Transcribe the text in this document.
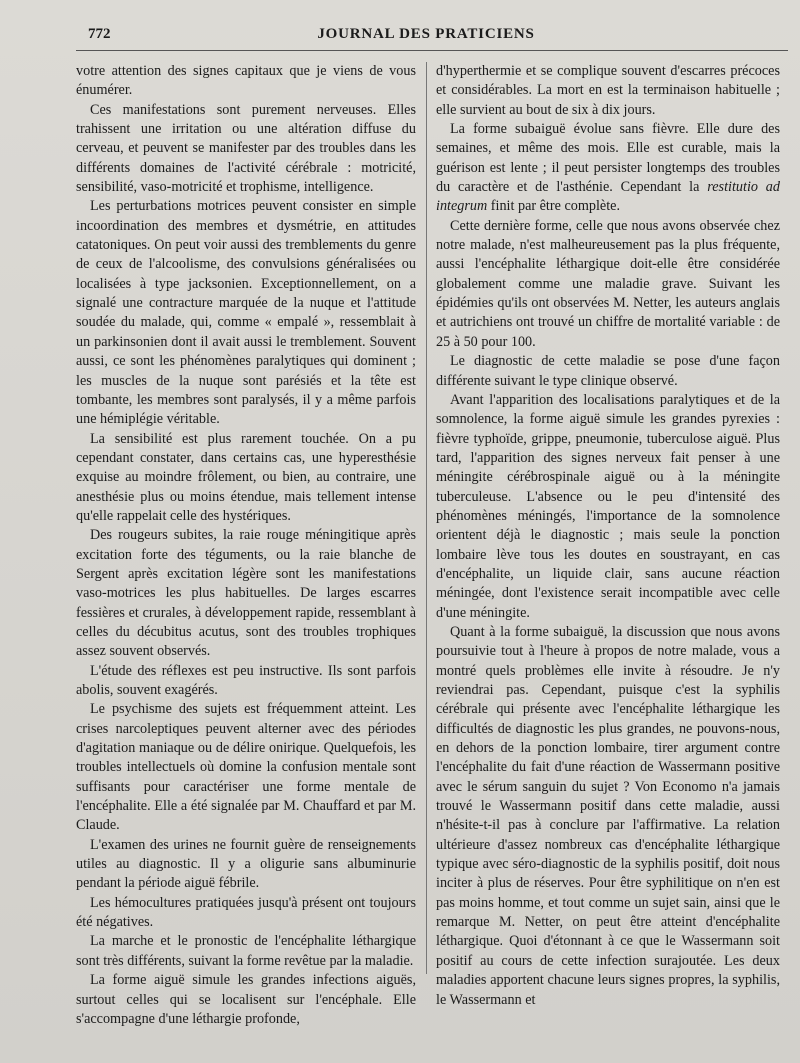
772	JOURNAL DES PRATICIENS

votre attention des signes capitaux que je viens de vous énumérer.

Ces manifestations sont purement nerveuses. Elles trahissent une irritation ou une altération diffuse du cerveau, et peuvent se manifester par des troubles dans les différents domaines de l'activité cérébrale : motricité, sensibilité, vaso-motricité et trophisme, intelligence.

Les perturbations motrices peuvent consister en simple incoordination des membres et dysmétrie, en attitudes catatoniques. On peut voir aussi des tremblements du genre de ceux de l'alcoolisme, des convulsions généralisées ou localisées à type jacksonien. Exceptionnellement, on a signalé une contracture marquée de la nuque et l'attitude soudée du malade, qui, comme « empalé », ressemblait à un parkinsonien dont il avait aussi le tremblement. Souvent aussi, ce sont les phénomènes paralytiques qui dominent ; les muscles de la nuque sont parésiés et la tête est tombante, les membres sont paralysés, il y a même parfois une hémiplégie véritable.

La sensibilité est plus rarement touchée. On a pu cependant constater, dans certains cas, une hyperesthésie exquise au moindre frôlement, ou bien, au contraire, une anesthésie plus ou moins étendue, mais tellement intense qu'elle rappelait celle des hystériques.

Des rougeurs subites, la raie rouge méningitique après excitation forte des téguments, ou la raie blanche de Sergent après excitation légère sont les manifestations vaso-motrices les plus habituelles. De larges escarres fessières et crurales, à développement rapide, ressemblant à celles du décubitus acutus, sont des troubles trophiques assez souvent observés.

L'étude des réflexes est peu instructive. Ils sont parfois abolis, souvent exagérés.

Le psychisme des sujets est fréquemment atteint. Les crises narcoleptiques peuvent alterner avec des périodes d'agitation maniaque ou de délire onirique. Quelquefois, les troubles intellectuels où domine la confusion mentale sont suffisants pour caractériser une forme mentale de l'encéphalite. Elle a été signalée par M. Chauffard et par M. Claude.

L'examen des urines ne fournit guère de renseignements utiles au diagnostic. Il y a oligurie sans albuminurie pendant la période aiguë fébrile.

Les hémocultures pratiquées jusqu'à présent ont toujours été négatives.

La marche et le pronostic de l'encéphalite léthargique sont très différents, suivant la forme revêtue par la maladie.

La forme aiguë simule les grandes infections aiguës, surtout celles qui se localisent sur l'encéphale. Elle s'accompagne d'une léthargie profonde,

d'hyperthermie et se complique souvent d'escarres précoces et considérables. La mort en est la terminaison habituelle ; elle survient au bout de six à dix jours.

La forme subaiguë évolue sans fièvre. Elle dure des semaines, et même des mois. Elle est curable, mais la guérison est lente ; il peut persister longtemps des troubles du caractère et de l'asthénie. Cependant la restitutio ad integrum finit par être complète.

Cette dernière forme, celle que nous avons observée chez notre malade, n'est malheureusement pas la plus fréquente, aussi l'encéphalite léthargique doit-elle être considérée globalement comme une maladie grave. Suivant les épidémies qu'ils ont observées M. Netter, les auteurs anglais et autrichiens ont trouvé un chiffre de mortalité variable : de 25 à 50 pour 100.

Le diagnostic de cette maladie se pose d'une façon différente suivant le type clinique observé.

Avant l'apparition des localisations paralytiques et de la somnolence, la forme aiguë simule les grandes pyrexies : fièvre typhoïde, grippe, pneumonie, tuberculose aiguë. Plus tard, l'apparition des signes nerveux fait penser à une méningite cérébrospinale aiguë ou à la méningite tuberculeuse. L'absence ou le peu d'intensité des phénomènes méningés, l'importance de la somnolence orientent déjà le diagnostic ; mais seule la ponction lombaire lève tous les doutes en soustrayant, en cas d'encéphalite, un liquide clair, sans aucune réaction méningée, dont l'existence serait incompatible avec celle d'une méningite.

Quant à la forme subaiguë, la discussion que nous avons poursuivie tout à l'heure à propos de notre malade, vous a montré quels problèmes elle invite à résoudre. Je n'y reviendrai pas. Cependant, puisque c'est la syphilis cérébrale qui présente avec l'encéphalite léthargique les difficultés de diagnostic les plus grandes, ne pouvons-nous, en dehors de la ponction lombaire, tirer argument contre l'encéphalite du fait d'une réaction de Wassermann positive avec le sérum sanguin du sujet ? Von Economo n'a jamais trouvé le Wassermann positif dans cette maladie, aussi n'hésite-t-il pas à conclure par l'affirmative. La relation ultérieure d'assez nombreux cas d'encéphalite léthargique typique avec séro-diagnostic de la syphilis positif, doit nous inciter à plus de réserves. Pour être syphilitique on n'en est pas moins homme, et tout comme un sujet sain, ainsi que le remarque M. Netter, on peut être atteint d'encéphalite léthargique. Quoi d'étonnant à ce que le Wassermann soit positif au cours de cette infection surajoutée. Les deux maladies apportent chacune leurs signes propres, la syphilis, le Wassermann et
